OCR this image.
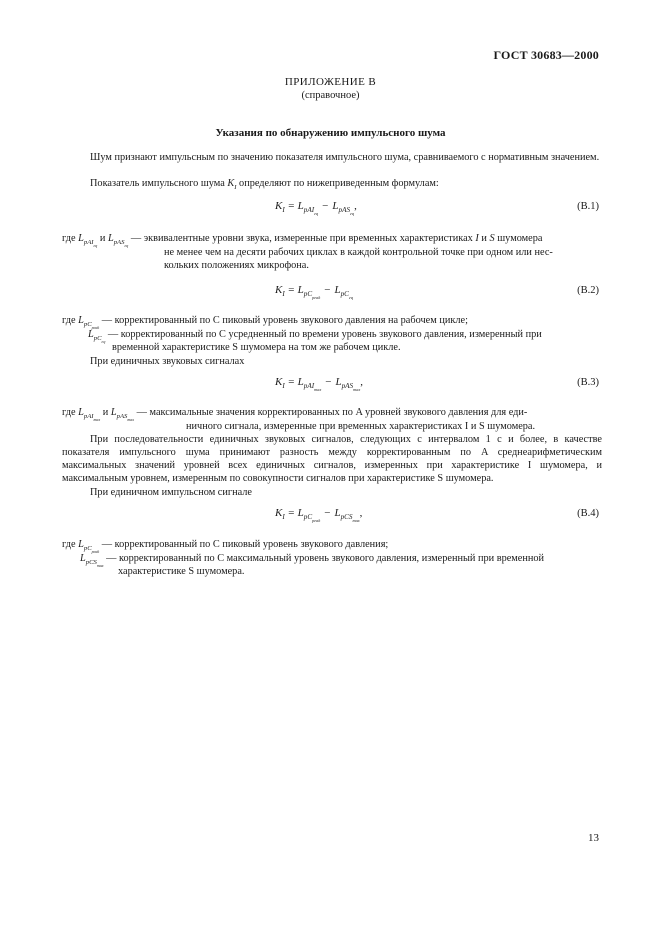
ГОСТ 30683—2000
ПРИЛОЖЕНИЕ В
(справочное)
Указания по обнаружению импульсного шума
Шум признают импульсным по значению показателя импульсного шума, сравниваемого с нормативным значением.
Показатель импульсного шума $K_I$ определяют по нижеприведенным формулам:
$K_I = L_{pAI_{eq}}- L_{pAS_{eq}}$,	(В.1)
где $L_{pAI_{eq}}$ и $L_{pAS_{eq}}$ — эквивалентные уровни звука, измеренные при временных характеристиках I и S шумомера
не менее чем на десяти рабочих циклах в каждой контрольной точке при одном или нес-
кольких положениях микрофона.
$K_I = L_{pC_{peak}}- L_{pC_{eq}}$
(В.2)
где $L_{pC_{peak}}$ — корректированный по C пиковый уровень звукового давления на рабочем цикле;
$L_{pC_{eq}}$ — корректированный по C усредненный по времени уровень звукового давления, измеренный при
временной характеристике S шумомера на том же рабочем цикле.
При единичных звуковых сигналах
$K_I = L_{pAI_{max}}- L_{pAS_{max}}$,	(В.3)
где $L_{pAI_{max}}$ и $L_{pAS_{max}}$ — максимальные значения корректированных по A уровней звукового давления для еди-
ничного сигнала, измеренные при временных характеристиках I и S шумомера.
При последовательности единичных звуковых сигналов, следующих с интервалом 1 с и более, в качестве показателя импульсного шума принимают разность между корректированным по A среднеарифметическим максимальных значений уровней всех единичных сигналов, измеренных при характеристике I шумомера, и максимальным уровнем, измеренным по совокупности сигналов при характеристике S шумомера.
При единичном импульсном сигнале
$K_I = L_{pC_{peak}}- L_{pCS_{max}}$,	(В.4)
где $L_{pC_{peak}}$ — корректированный по C пиковый уровень звукового давления;
$L_{pCS_{max}}$ — корректированный по C максимальный уровень звукового давления, измеренный при временной
характеристике S шумомера.
13
